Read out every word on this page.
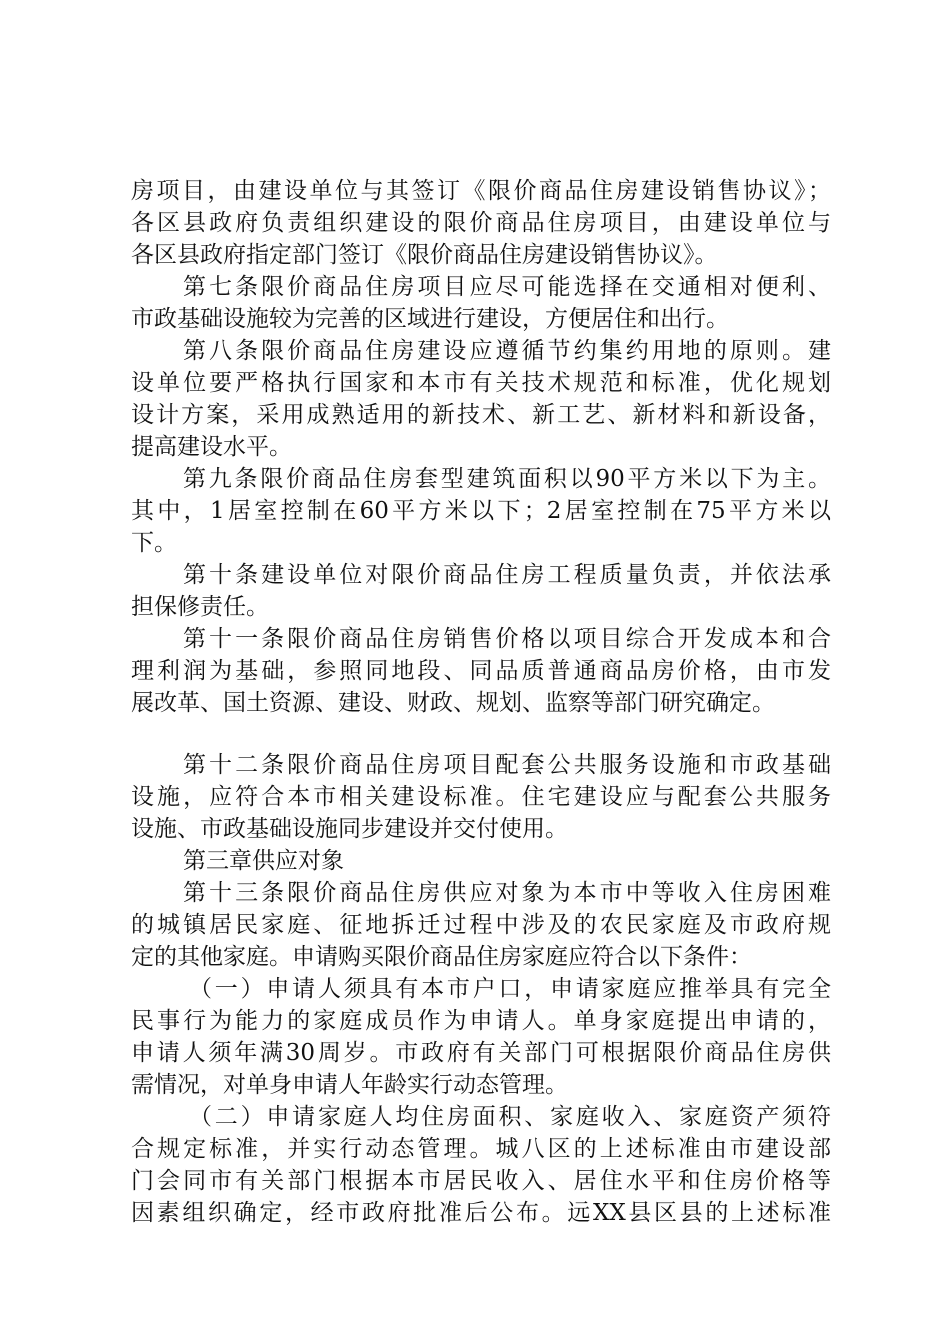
房项目，由建设单位与其签订《限价商品住房建设销售协议》；
各区县政府负责组织建设的限价商品住房项目，由建设单位与
各区县政府指定部门签订《限价商品住房建设销售协议》。
第七条限价商品住房项目应尽可能选择在交通相对便利、
市政基础设施较为完善的区域进行建设，方便居住和出行。
第八条限价商品住房建设应遵循节约集约用地的原则。建
设单位要严格执行国家和本市有关技术规范和标准，优化规划
设计方案，采用成熟适用的新技术、新工艺、新材料和新设备，
提高建设水平。
第九条限价商品住房套型建筑面积以90平方米以下为主。
其中，1居室控制在60平方米以下；2居室控制在75平方米以
下。
第十条建设单位对限价商品住房工程质量负责，并依法承
担保修责任。
第十一条限价商品住房销售价格以项目综合开发成本和合
理利润为基础，参照同地段、同品质普通商品房价格，由市发
展改革、国土资源、建设、财政、规划、监察等部门研究确定。
第十二条限价商品住房项目配套公共服务设施和市政基础
设施，应符合本市相关建设标准。住宅建设应与配套公共服务
设施、市政基础设施同步建设并交付使用。
第三章供应对象
第十三条限价商品住房供应对象为本市中等收入住房困难
的城镇居民家庭、征地拆迁过程中涉及的农民家庭及市政府规
定的其他家庭。申请购买限价商品住房家庭应符合以下条件：
（一）申请人须具有本市户口，申请家庭应推举具有完全
民事行为能力的家庭成员作为申请人。单身家庭提出申请的，
申请人须年满30周岁。市政府有关部门可根据限价商品住房供
需情况，对单身申请人年龄实行动态管理。
（二）申请家庭人均住房面积、家庭收入、家庭资产须符
合规定标准，并实行动态管理。城八区的上述标准由市建设部
门会同市有关部门根据本市居民收入、居住水平和住房价格等
因素组织确定，经市政府批准后公布。远XX县区县的上述标准
